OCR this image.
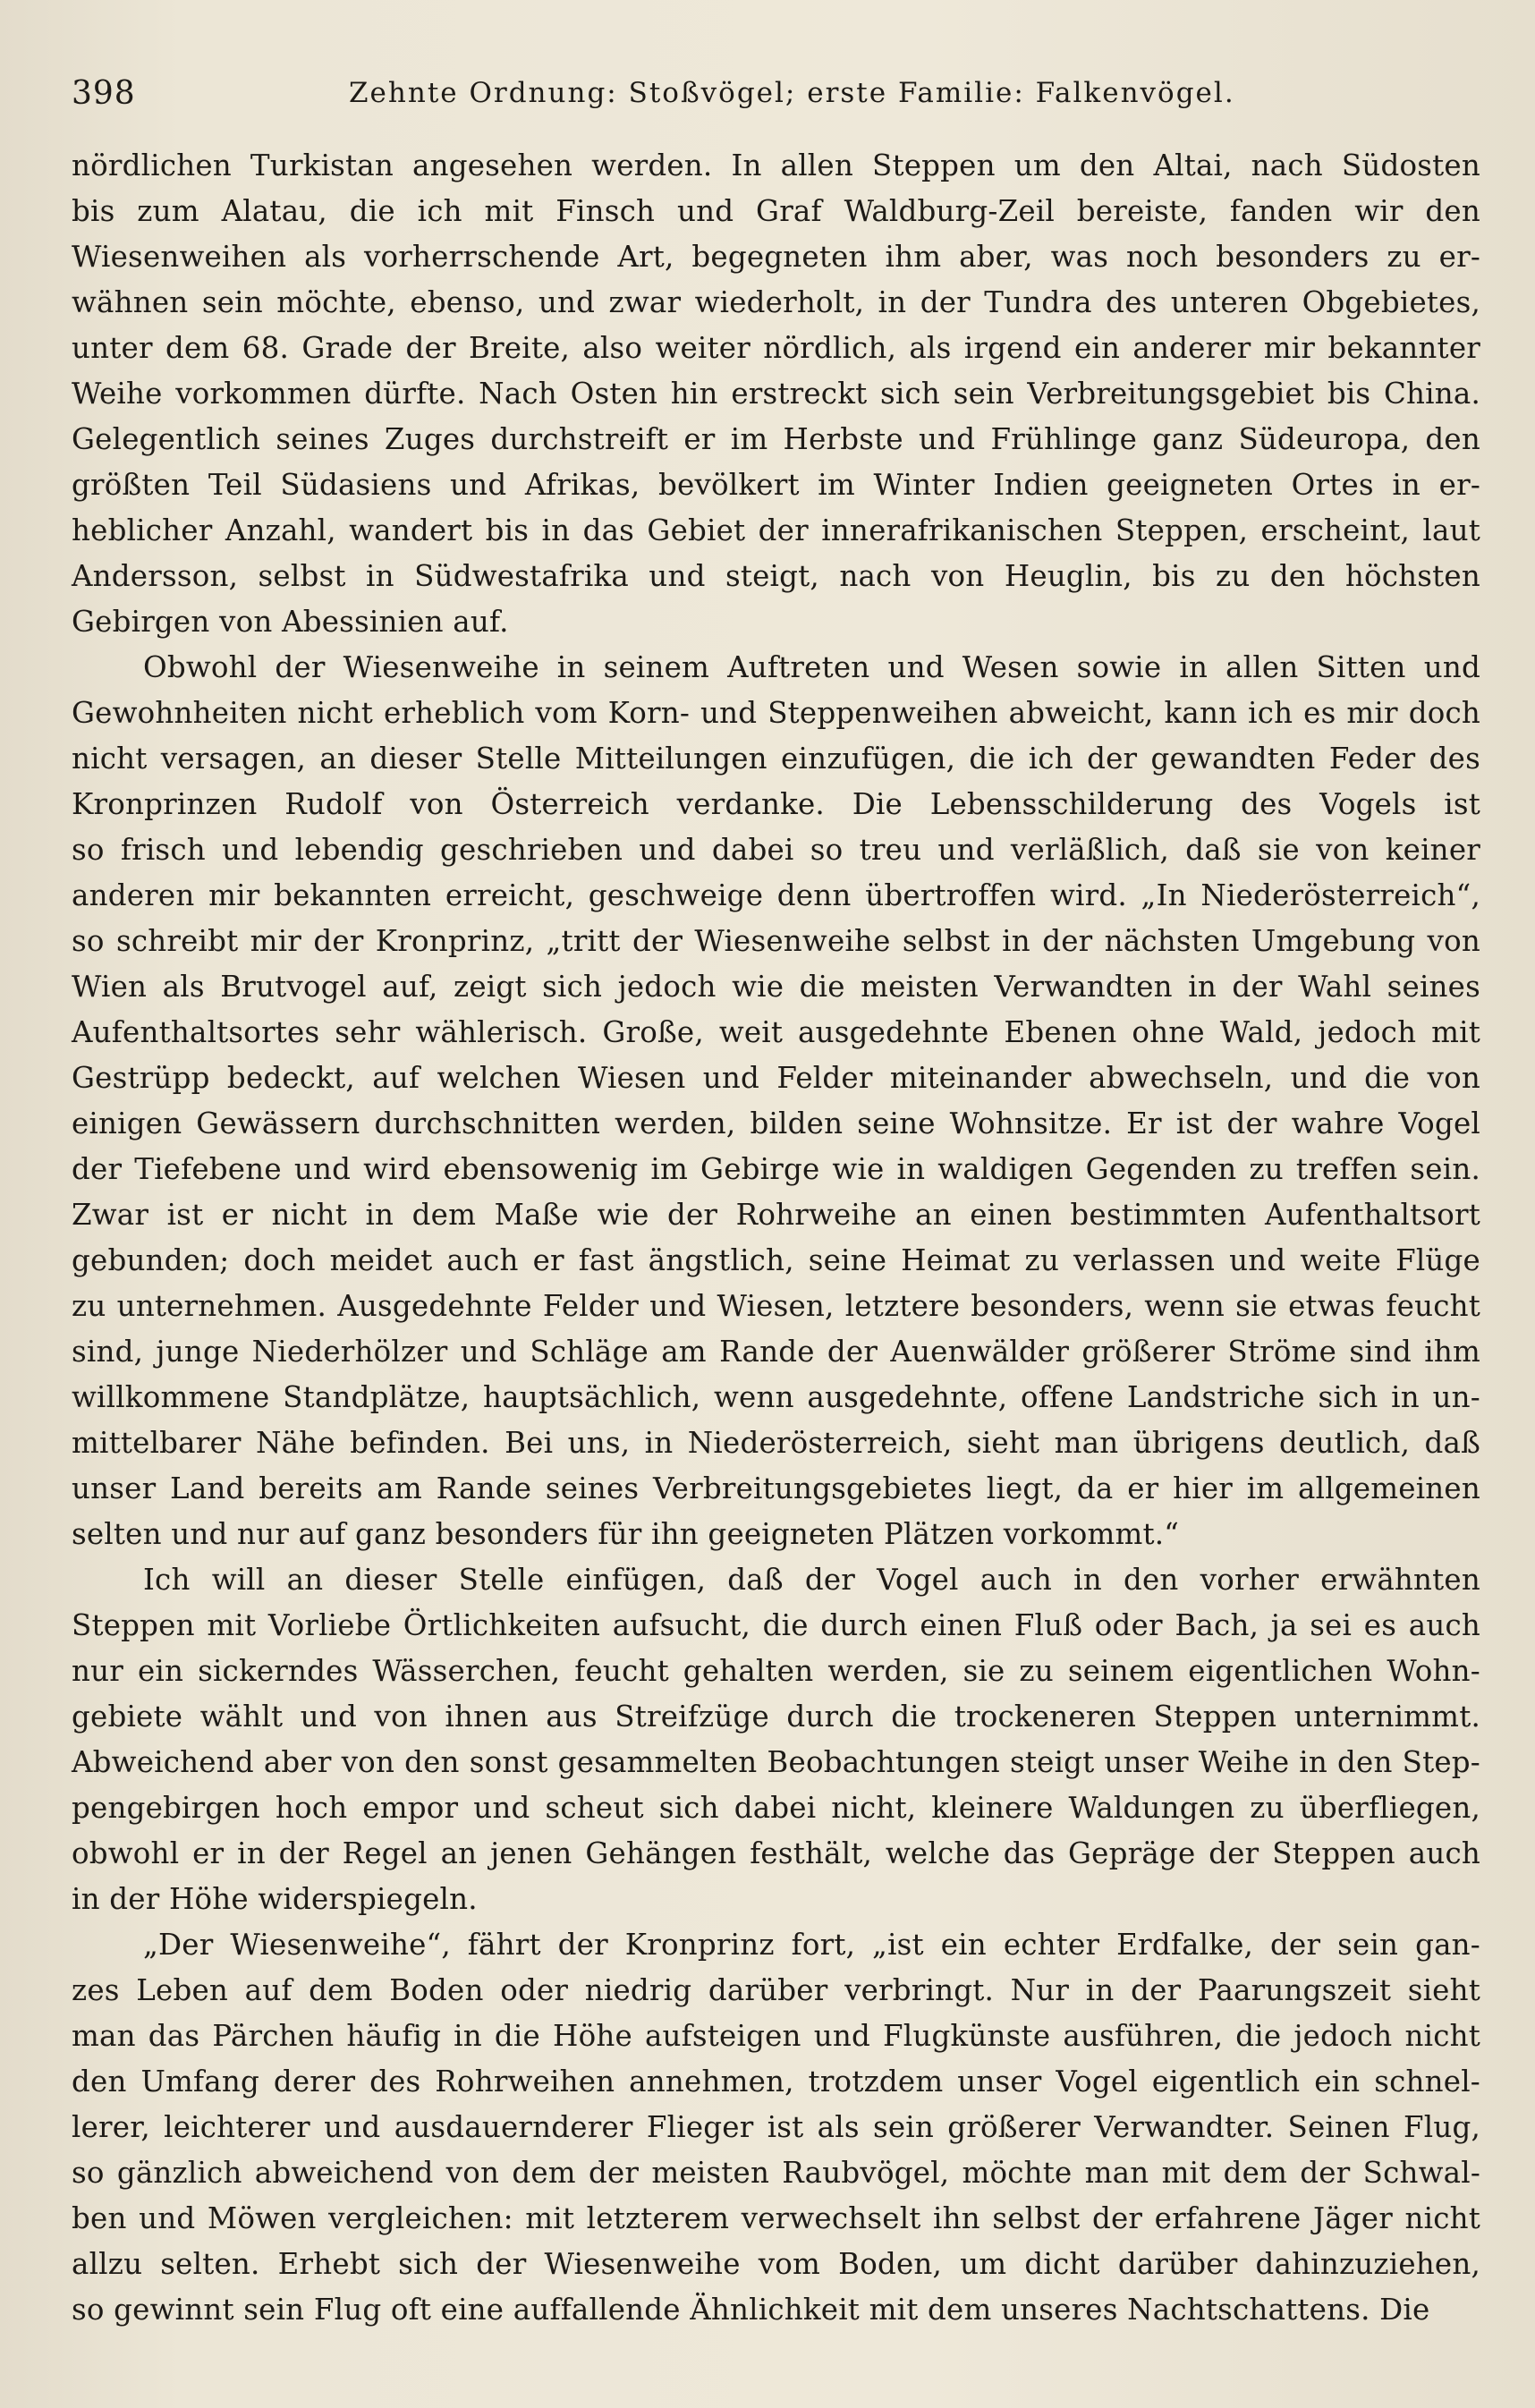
398	Zehnte Ordnung: Stoßvögel; erste Familie: Falkenvögel.
nördlichen Turkistan angesehen werden. In allen Steppen um den Altai, nach Südosten
bis zum Alatau, die ich mit Finsch und Graf Waldburg-Zeil bereiste, fanden wir den
Wiesenweihen als vorherrschende Art, begegneten ihm aber, was noch besonders zu er-
wähnen sein möchte, ebenso, und zwar wiederholt, in der Tundra des unteren Obgebietes,
unter dem 68. Grade der Breite, also weiter nördlich, als irgend ein anderer mir bekannter
Weihe vorkommen dürfte. Nach Osten hin erstreckt sich sein Verbreitungsgebiet bis China.
Gelegentlich seines Zuges durchstreift er im Herbste und Frühlinge ganz Südeuropa, den
größten Teil Südasiens und Afrikas, bevölkert im Winter Indien geeigneten Ortes in er-
heblicher Anzahl, wandert bis in das Gebiet der innerafrikanischen Steppen, erscheint, laut
Andersson, selbst in Südwestafrika und steigt, nach von Heuglin, bis zu den höchsten
Gebirgen von Abessinien auf.
Obwohl der Wiesenweihe in seinem Auftreten und Wesen sowie in allen Sitten und
Gewohnheiten nicht erheblich vom Korn- und Steppenweihen abweicht, kann ich es mir doch
nicht versagen, an dieser Stelle Mitteilungen einzufügen, die ich der gewandten Feder des
Kronprinzen Rudolf von Österreich verdanke. Die Lebensschilderung des Vogels ist
so frisch und lebendig geschrieben und dabei so treu und verläßlich, daß sie von keiner
anderen mir bekannten erreicht, geschweige denn übertroffen wird. „In Niederösterreich“,
so schreibt mir der Kronprinz, „tritt der Wiesenweihe selbst in der nächsten Umgebung von
Wien als Brutvogel auf, zeigt sich jedoch wie die meisten Verwandten in der Wahl seines
Aufenthaltsortes sehr wählerisch. Große, weit ausgedehnte Ebenen ohne Wald, jedoch mit
Gestrüpp bedeckt, auf welchen Wiesen und Felder miteinander abwechseln, und die von
einigen Gewässern durchschnitten werden, bilden seine Wohnsitze. Er ist der wahre Vogel
der Tiefebene und wird ebensowenig im Gebirge wie in waldigen Gegenden zu treffen sein.
Zwar ist er nicht in dem Maße wie der Rohrweihe an einen bestimmten Aufenthaltsort
gebunden; doch meidet auch er fast ängstlich, seine Heimat zu verlassen und weite Flüge
zu unternehmen. Ausgedehnte Felder und Wiesen, letztere besonders, wenn sie etwas feucht
sind, junge Niederhölzer und Schläge am Rande der Auenwälder größerer Ströme sind ihm
willkommene Standplätze, hauptsächlich, wenn ausgedehnte, offene Landstriche sich in un-
mittelbarer Nähe befinden. Bei uns, in Niederösterreich, sieht man übrigens deutlich, daß
unser Land bereits am Rande seines Verbreitungsgebietes liegt, da er hier im allgemeinen
selten und nur auf ganz besonders für ihn geeigneten Plätzen vorkommt.“
Ich will an dieser Stelle einfügen, daß der Vogel auch in den vorher erwähnten
Steppen mit Vorliebe Örtlichkeiten aufsucht, die durch einen Fluß oder Bach, ja sei es auch
nur ein sickerndes Wässerchen, feucht gehalten werden, sie zu seinem eigentlichen Wohn-
gebiete wählt und von ihnen aus Streifzüge durch die trockeneren Steppen unternimmt.
Abweichend aber von den sonst gesammelten Beobachtungen steigt unser Weihe in den Step-
pengebirgen hoch empor und scheut sich dabei nicht, kleinere Waldungen zu überfliegen,
obwohl er in der Regel an jenen Gehängen festhält, welche das Gepräge der Steppen auch
in der Höhe widerspiegeln.
„Der Wiesenweihe“, fährt der Kronprinz fort, „ist ein echter Erdfalke, der sein gan-
zes Leben auf dem Boden oder niedrig darüber verbringt. Nur in der Paarungszeit sieht
man das Pärchen häufig in die Höhe aufsteigen und Flugkünste ausführen, die jedoch nicht
den Umfang derer des Rohrweihen annehmen, trotzdem unser Vogel eigentlich ein schnel-
lerer, leichterer und ausdauernderer Flieger ist als sein größerer Verwandter. Seinen Flug,
so gänzlich abweichend von dem der meisten Raubvögel, möchte man mit dem der Schwal-
ben und Möwen vergleichen: mit letzterem verwechselt ihn selbst der erfahrene Jäger nicht
allzu selten. Erhebt sich der Wiesenweihe vom Boden, um dicht darüber dahinzuziehen,
so gewinnt sein Flug oft eine auffallende Ähnlichkeit mit dem unseres Nachtschattens. Die
